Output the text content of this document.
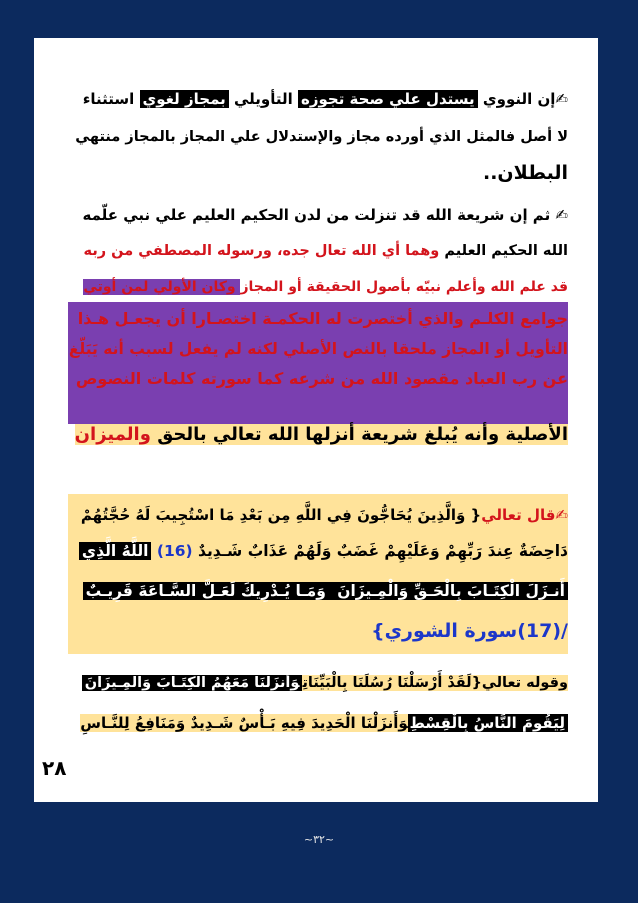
✍إن النووي يستدل علي صحة تجوزه التأويلي بمجاز لغوي استثناء
لا أصل فالمثل الذي أورده مجاز والإستدلال علي المجاز بالمجاز منتهي
البطلان..
✍ ثم إن شريعة الله قد تنزلت من لدن الحكيم العليم علي نبي علّمه
الله الحكيم العليم وهما أي الله تعال جده، ورسوله المصطفي من ربه
قد علم الله وأعلم نبيّه بأصول الحقيقة أو المجاز وكان الأولي لمن أوتي
جوامع الكلـم والذي أختصرت له الحكمـة اختصـارا أن يجعـل هـذا
التأويل أو المجاز ملحقا بالنص الأصلي لكنه لم يفعل لسبب أنه يَبَلّغ
عن رب العباد مقصود الله من شرعه كما سورته كلمات النصوص
الأصلية وأنه يُبلغ شريعة أنزلها الله تعالي بالحق والميزان
✍قال تعالي{ وَالَّذِينَ يُحَاجُّونَ فِي اللَّهِ مِن بَعْدِ مَا اسْتُجِيبَ لَهُ حُجَّتُهُمْ
دَاحِضَةٌ عِندَ رَبِّهِمْ وَعَلَيْهِمْ غَضَبٌ وَلَهُمْ عَذَابٌ شَـدِيدٌ (16) اللَّهُ الَّذِي
أَنـزَلَ الْكِتَـابَ بِالْحَـقِّ وَالْمِـيزَانَ وَمَـا يُـدْرِيكَ لَعَـلَّ السَّـاعَةَ قَرِيـبٌ
/(17)سورة الشوري}
وقوله تعالي{لَقَدْ أَرْسَلْنَا رُسُلَنَا بِالْبَيِّنَاتِوَأَنزَلْنَا مَعَهُمُ الْكِتَـابَ وَالْمِـيزَانَ
لِيَقُومَ النَّاسُ بِالْقِسْطِوَأَنزَلْنَا الْحَدِيدَ فِيهِ بَـأْسٌ شَـدِيدٌ وَمَنَافِعُ لِلنَّـاسِ
٢٨
~٣٢~
